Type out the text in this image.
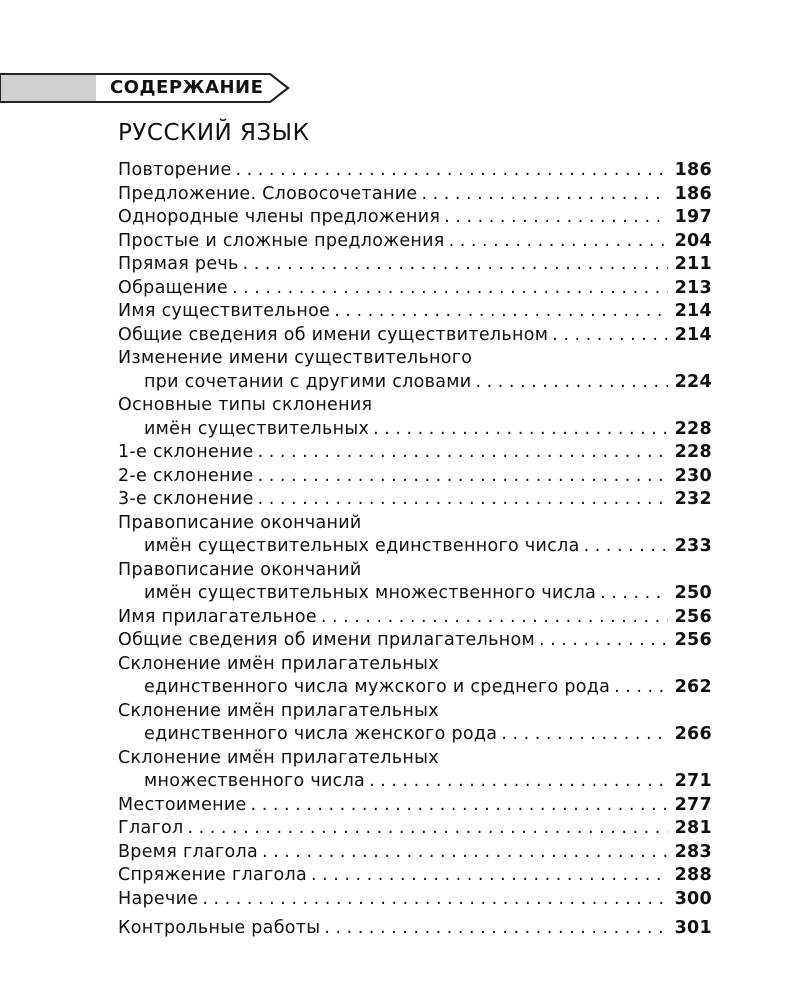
СОДЕРЖАНИЕ
РУССКИЙ ЯЗЫК
Повторение . . .	186
Предложение. Словосочетание . . .	186
Однородные члены предложения . . .	197
Простые и сложные предложения . . .	204
Прямая речь . . .	211
Обращение . . .	213
Имя существительное . . .	214
Общие сведения об имени существительном . . .	214
Изменение имени существительного
при сочетании с другими словами . . .	224
Основные типы склонения
имён существительных . . .	228
1-е склонение . . .	228
2-е склонение . . .	230
3-е склонение . . .	232
Правописание окончаний
имён существительных единственного числа . . .	233
Правописание окончаний
имён существительных множественного числа . . .	250
Имя прилагательное . . .	256
Общие сведения об имени прилагательном . . .	256
Склонение имён прилагательных
единственного числа мужского и среднего рода . . .	262
Склонение имён прилагательных
единственного числа женского рода . . .	266
Склонение имён прилагательных
множественного числа . . .	271
Местоимение . . .	277
Глагол . . .	281
Время глагола . . .	283
Спряжение глагола . . .	288
Наречие . . .	300
Контрольные работы . . .	301
